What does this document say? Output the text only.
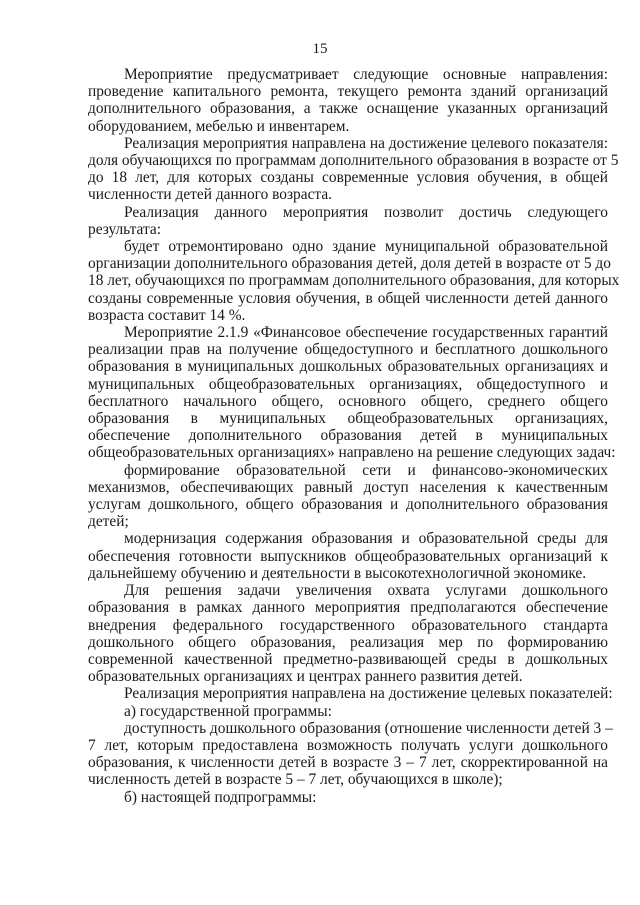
15
Мероприятие предусматривает следующие основные направления:
проведение капитального ремонта, текущего ремонта зданий организаций
дополнительного образования, а также оснащение указанных организаций
оборудованием, мебелью и инвентарем.
Реализация мероприятия направлена на достижение целевого показателя:
доля обучающихся по программам дополнительного образования в возрасте от 5
до 18 лет, для которых созданы современные условия обучения, в общей
численности детей данного возраста.
Реализация данного мероприятия позволит достичь следующего
результата:
будет отремонтировано одно здание муниципальной образовательной
организации дополнительного образования детей, доля детей в возрасте от 5 до
18 лет, обучающихся по программам дополнительного образования, для которых
созданы современные условия обучения, в общей численности детей данного
возраста составит 14 %.
Мероприятие 2.1.9 «Финансовое обеспечение государственных гарантий
реализации прав на получение общедоступного и бесплатного дошкольного
образования в муниципальных дошкольных образовательных организациях и
муниципальных общеобразовательных организациях, общедоступного и
бесплатного начального общего, основного общего, среднего общего
образования в муниципальных общеобразовательных организациях,
обеспечение дополнительного образования детей в муниципальных
общеобразовательных организациях» направлено на решение следующих задач:
формирование образовательной сети и финансово-экономических
механизмов, обеспечивающих равный доступ населения к качественным
услугам дошкольного, общего образования и дополнительного образования
детей;
модернизация содержания образования и образовательной среды для
обеспечения готовности выпускников общеобразовательных организаций к
дальнейшему обучению и деятельности в высокотехнологичной экономике.
Для решения задачи увеличения охвата услугами дошкольного
образования в рамках данного мероприятия предполагаются обеспечение
внедрения федерального государственного образовательного стандарта
дошкольного общего образования, реализация мер по формированию
современной качественной предметно-развивающей среды в дошкольных
образовательных организациях и центрах раннего развития детей.
Реализация мероприятия направлена на достижение целевых показателей:
а) государственной программы:
доступность дошкольного образования (отношение численности детей 3 –
7 лет, которым предоставлена возможность получать услуги дошкольного
образования, к численности детей в возрасте 3 – 7 лет, скорректированной на
численность детей в возрасте 5 – 7 лет, обучающихся в школе);
б) настоящей подпрограммы:
